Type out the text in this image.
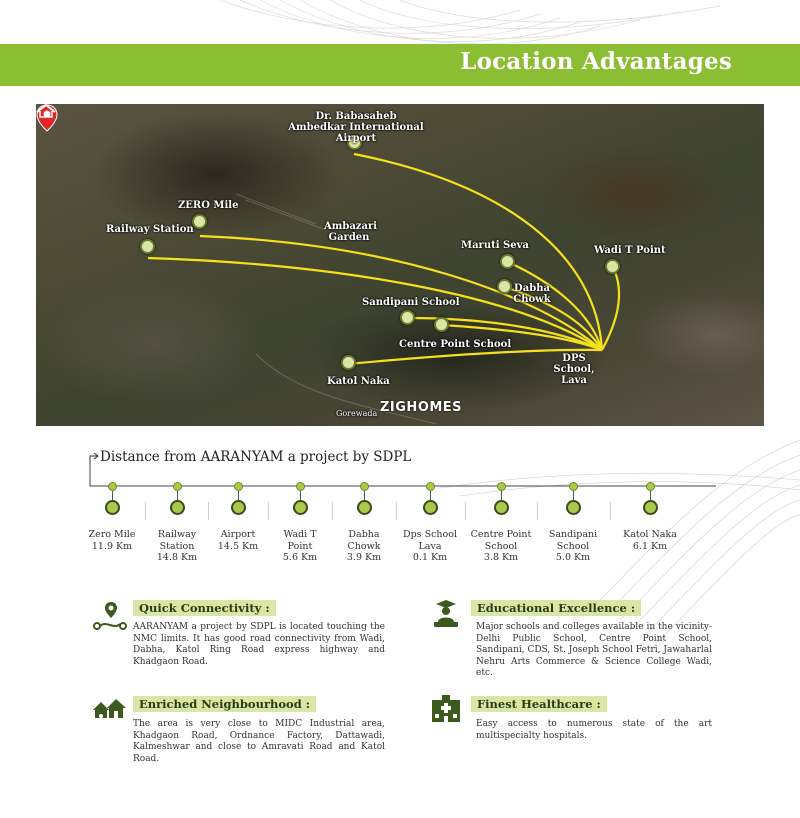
Location Advantages
Dr. Babasaheb Ambedkar International Airport
ZERO Mile
Railway Station	Ambazari Garden
Maruti Seva
Dabha Chowk
Wadi T Point
Sandipani School
Centre Point School
Katol Naka
DPS School, Lava
Gorewada ZIGHOMES
Distance from AARANYAM a project by SDPL
Zero Mile
11.9 Km
Railway Station
14.8 Km
Airport
14.5 Km
Wadi T Point
5.6 Km
Dabha Chowk
3.9 Km
Dps School Lava
0.1 Km
Centre Point School
3.8 Km
Sandipani School
5.0 Km
Katol Naka
6.1 Km
Quick Connectivity :
AARANYAM a project by SDPL is located touching the NMC limits. It has good road connectivity from Wadi, Dabha, Katol Ring Road express highway and Khadgaon Road.
Educational Excellence :
Major schools and colleges available in the vicinity- Delhi Public School, Centre Point School, Sandipani, CDS, St. Joseph School Fetri, Jawaharlal Nehru Arts Commerce & Science College Wadi, etc.
Enriched Neighbourhood :
The area is very close to MIDC Industrial area, Khadgaon Road, Ordnance Factory, Dattawadi, Kalmeshwar and close to Amravati Road and Katol Road.
Finest Healthcare :
Easy access to numerous state of the art multispecialty hospitals.
